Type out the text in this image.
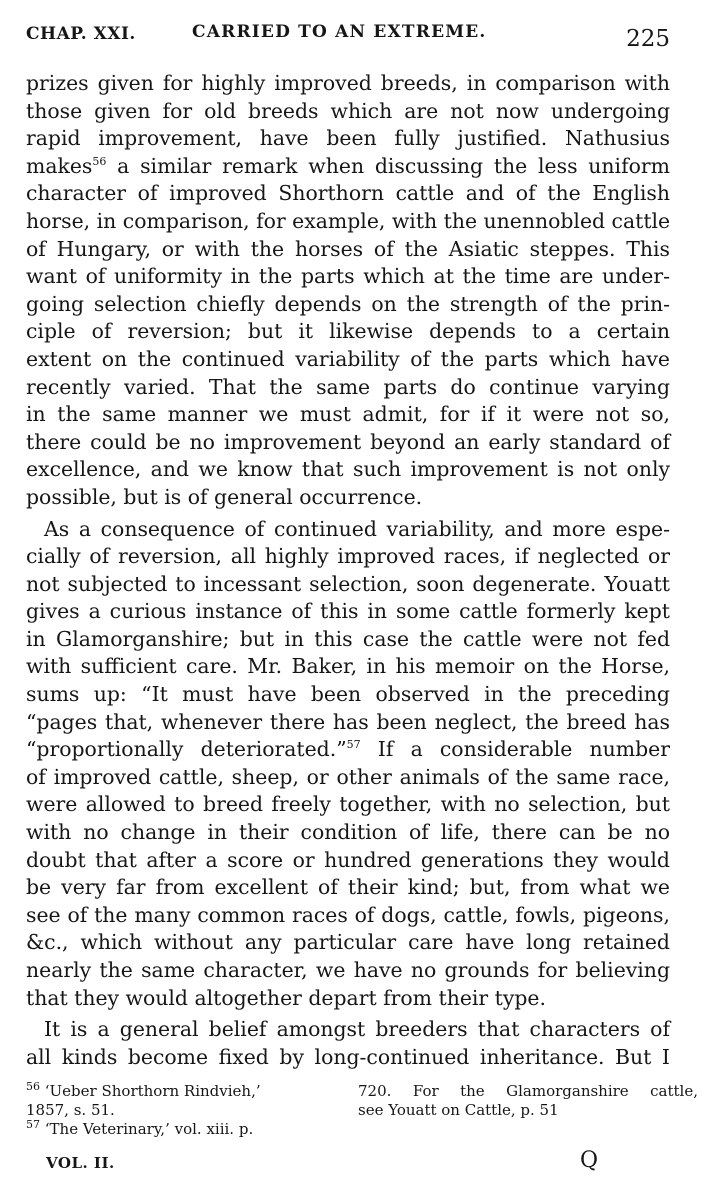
CHAP. XXI.	CARRIED TO AN EXTREME.	225
prizes given for highly improved breeds, in comparison with
those given for old breeds which are not now undergoing
rapid improvement, have been fully justified. Nathusius
makes$^{56}$ a similar remark when discussing the less uniform
character of improved Shorthorn cattle and of the English
horse, in comparison, for example, with the unennobled cattle
of Hungary, or with the horses of the Asiatic steppes. This
want of uniformity in the parts which at the time are under-
going selection chiefly depends on the strength of the prin-
ciple of reversion; but it likewise depends to a certain
extent on the continued variability of the parts which have
recently varied. That the same parts do continue varying
in the same manner we must admit, for if it were not so,
there could be no improvement beyond an early standard of
excellence, and we know that such improvement is not only
possible, but is of general occurrence.
As a consequence of continued variability, and more espe-
cially of reversion, all highly improved races, if neglected or
not subjected to incessant selection, soon degenerate. Youatt
gives a curious instance of this in some cattle formerly kept
in Glamorganshire; but in this case the cattle were not fed
with sufficient care. Mr. Baker, in his memoir on the Horse,
sums up: “It must have been observed in the preceding
“pages that, whenever there has been neglect, the breed has
“proportionally deteriorated.”$^{57}$ If a considerable number
of improved cattle, sheep, or other animals of the same race,
were allowed to breed freely together, with no selection, but
with no change in their condition of life, there can be no
doubt that after a score or hundred generations they would
be very far from excellent of their kind; but, from what we
see of the many common races of dogs, cattle, fowls, pigeons,
&c., which without any particular care have long retained
nearly the same character, we have no grounds for believing
that they would altogether depart from their type.
It is a general belief amongst breeders that characters of
all kinds become fixed by long-continued inheritance. But I
$^{56}$ ‘Ueber Shorthorn Rindvieh,’
1857, s. 51.
$^{57}$ ‘The Veterinary,’ vol. xiii. p.
720. For the Glamorganshire cattle,
see Youatt on Cattle, p. 51
VOL. II.	Q
